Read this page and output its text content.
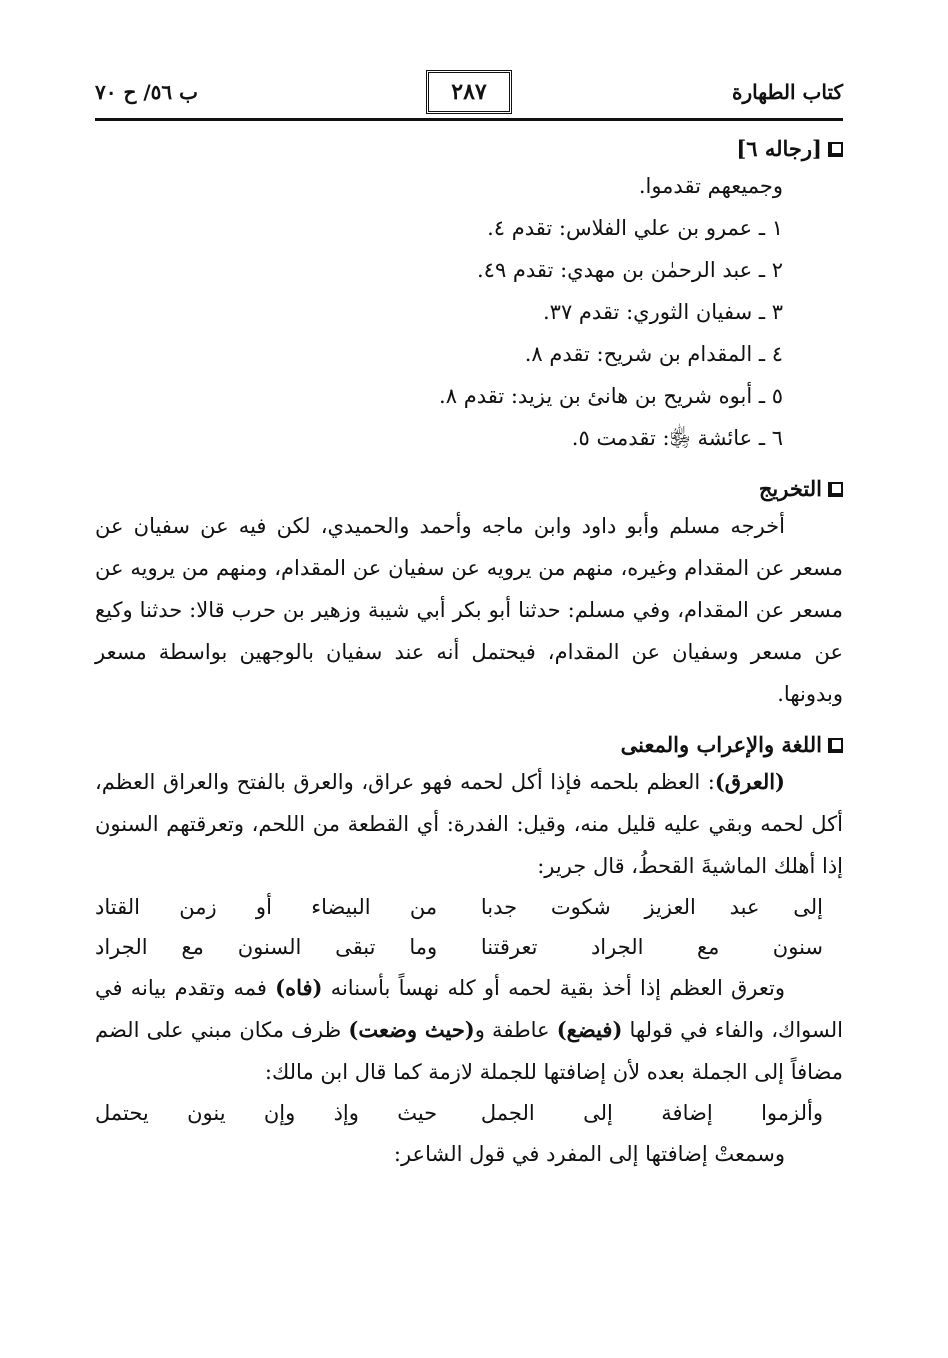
كتاب الطهارة
٢٨٧
ب ٥٦/ ح ٧٠
[رجاله ٦]
وجميعهم تقدموا.
١ ـ عمرو بن علي الفلاس: تقدم ٤.
٢ ـ عبد الرحمٰن بن مهدي: تقدم ٤٩.
٣ ـ سفيان الثوري: تقدم ٣٧.
٤ ـ المقدام بن شريح: تقدم ٨.
٥ ـ أبوه شريح بن هانئ بن يزيد: تقدم ٨.
٦ ـ عائشة ﵂: تقدمت ٥.
التخريج

أخرجه مسلم وأبو داود وابن ماجه وأحمد والحميدي، لكن فيه عن سفيان عن مسعر عن المقدام وغيره، منهم من يرويه عن سفيان عن المقدام، ومنهم من يرويه عن مسعر عن المقدام، وفي مسلم: حدثنا أبو بكر أبي شيبة وزهير بن حرب قالا: حدثنا وكيع عن مسعر وسفيان عن المقدام، فيحتمل أنه عند سفيان بالوجهين بواسطة مسعر وبدونها.

اللغة والإعراب والمعنى

(العرق): العظم بلحمه فإذا أكل لحمه فهو عراق، والعرق بالفتح والعراق العظم، أكل لحمه وبقي عليه قليل منه، وقيل: الفدرة: أي القطعة من اللحم، وتعرقتهم السنون إذا أهلك الماشيةَ القحطُ، قال جرير:

إلى عبد العزيز شكوت جدبا
من البيضاء أو زمن القتاد
سنون مع الجراد تعرقتنا
وما تبقى السنون مع الجراد

وتعرق العظم إذا أخذ بقية لحمه أو كله نهساً بأسنانه (فاه) فمه وتقدم بيانه في السواك، والفاء في قولها (فيضع) عاطفة و(حيث وضعت) ظرف مكان مبني على الضم مضافاً إلى الجملة بعده لأن إضافتها للجملة لازمة كما قال ابن مالك:

وألزموا إضافة إلى الجمل
حيث وإذ وإن ينون يحتمل

وسمعتْ إضافتها إلى المفرد في قول الشاعر:
